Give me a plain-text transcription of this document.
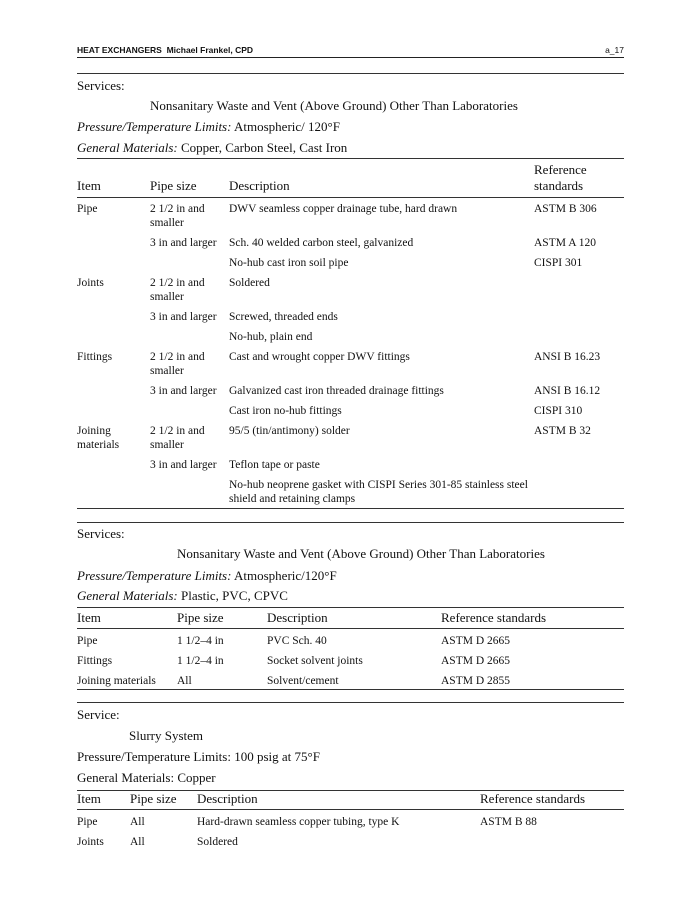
HEAT EXCHANGERS Michael Frankel, CPD	a_17
Services:
Nonsanitary Waste and Vent (Above Ground) Other Than Laboratories
Pressure/Temperature Limits: Atmospheric/ 120°F
General Materials: Copper, Carbon Steel, Cast Iron
Item	Pipe size	Description	Reference standards
Pipe	2 1/2 in and smaller	DWV seamless copper drainage tube, hard drawn	ASTM B 306
	3 in and larger	Sch. 40 welded carbon steel, galvanized	ASTM A 120
		No-hub cast iron soil pipe	CISPI 301
Joints	2 1/2 in and smaller	Soldered	
	3 in and larger	Screwed, threaded ends	
		No-hub, plain end	
Fittings	2 1/2 in and smaller	Cast and wrought copper DWV fittings	ANSI B 16.23
	3 in and larger	Galvanized cast iron threaded drainage fittings	ANSI B 16.12
		Cast iron no-hub fittings	CISPI 310
Joining materials	2 1/2 in and smaller	95/5 (tin/antimony) solder	ASTM B 32
	3 in and larger	Teflon tape or paste	
		No-hub neoprene gasket with CISPI Series 301-85 stainless steel shield and retaining clamps	
Services:
Nonsanitary Waste and Vent (Above Ground) Other Than Laboratories
Pressure/Temperature Limits: Atmospheric/120°F
General Materials: Plastic, PVC, CPVC
Item	Pipe size	Description	Reference standards
Pipe	1 1/2–4 in	PVC Sch. 40	ASTM D 2665
Fittings	1 1/2–4 in	Socket solvent joints	ASTM D 2665
Joining materials	All	Solvent/cement	ASTM D 2855
Service:
Slurry System
Pressure/Temperature Limits: 100 psig at 75°F
General Materials: Copper
Item	Pipe size	Description	Reference standards
Pipe	All	Hard-drawn seamless copper tubing, type K	ASTM B 88
Joints	All	Soldered	
